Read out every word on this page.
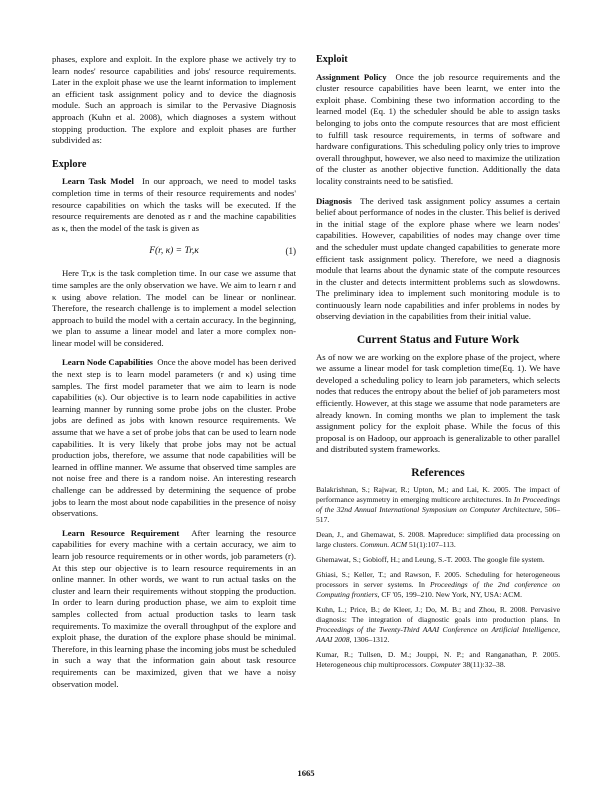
phases, explore and exploit. In the explore phase we actively try to learn nodes' resource capabilities and jobs' resource requirements. Later in the exploit phase we use the learnt information to implement an efficient task assignment policy and to device the diagnosis module. Such an approach is similar to the Pervasive Diagnosis approach (Kuhn et al. 2008), which diagnoses a system without stopping production. The explore and exploit phases are further subdivided as:

Explore

Learn Task Model In our approach, we need to model tasks completion time in terms of their resource requirements and nodes' resource capabilities on which the tasks will be executed. If the resource requirements are denoted as r and the machine capabilities as κ, then the model of the task is given as

F(r, κ) = Tr,κ	(1)

Here Tr,κ is the task completion time. In our case we assume that time samples are the only observation we have. We aim to learn r and κ using above relation. The model can be linear or nonlinear. Therefore, the research challenge is to implement a model selection approach to build the model with a certain accuracy. In the beginning, we plan to assume a linear model and later a more complex non-linear model will be considered.

Learn Node Capabilities Once the above model has been derived the next step is to learn model parameters (r and κ) using time samples. The first model parameter that we aim to learn is node capabilities (κ). Our objective is to learn node capabilities in active learning manner by running some probe jobs on the cluster. Probe jobs are defined as jobs with known resource requirements. We assume that we have a set of probe jobs that can be used to learn node capabilities. It is very likely that probe jobs may not be actual production jobs, therefore, we assume that node capabilities will be learned in offline manner. We assume that observed time samples are not noise free and there is a random noise. An interesting research challenge can be addressed by determining the sequence of probe jobs to learn the most about node capabilities in the presence of noisy observations.

Learn Resource Requirement After learning the resource capabilities for every machine with a certain accuracy, we aim to learn job resource requirements or in other words, job parameters (r). At this step our objective is to learn resource requirements in an online manner. In other words, we want to run actual tasks on the cluster and learn their requirements without stopping the production. In order to learn during production phase, we aim to exploit time samples collected from actual production tasks to learn task requirements. To maximize the overall throughput of the explore and exploit phase, the duration of the explore phase should be minimal. Therefore, in this learning phase the incoming jobs must be scheduled in such a way that the information gain about task resource requirements can be maximized, given that we have a noisy observation model.

Exploit

Assignment Policy Once the job resource requirements and the cluster resource capabilities have been learnt, we enter into the exploit phase. Combining these two information according to the learned model (Eq. 1) the scheduler should be able to assign tasks belonging to jobs onto the compute resources that are most efficient to fulfill task resource requirements, in terms of software and hardware configurations. This scheduling policy only tries to improve overall throughput, however, we also need to maximize the utilization of the cluster as another objective function. Additionally the data locality constraints need to be satisfied.

Diagnosis The derived task assignment policy assumes a certain belief about performance of nodes in the cluster. This belief is derived in the initial stage of the explore phase where we learn nodes' capabilities. However, capabilities of nodes may change over time and the scheduler must update changed capabilities to generate more efficient task assignment policy. Therefore, we need a diagnosis module that learns about the dynamic state of the compute resources in the cluster and detects intermittent problems such as slowdowns. The preliminary idea to implement such monitoring module is to continuously learn node capabilities and infer problems in nodes by observing deviation in the capabilities from their initial value.

Current Status and Future Work

As of now we are working on the explore phase of the project, where we assume a linear model for task completion time(Eq. 1). We have developed a scheduling policy to learn job parameters, which selects nodes that reduces the entropy about the belief of job parameters most efficiently. However, at this stage we assume that node parameters are already known. In coming months we plan to implement the task assignment policy for the exploit phase. While the focus of this proposal is on Hadoop, our approach is generalizable to other parallel and distributed system frameworks.

References
Balakrishnan, S.; Rajwar, R.; Upton, M.; and Lai, K. 2005. The impact of performance asymmetry in emerging multicore architectures. In In Proceedings of the 32nd Annual International Symposium on Computer Architecture, 506–517.
Dean, J., and Ghemawat, S. 2008. Mapreduce: simplified data processing on large clusters. Commun. ACM 51(1):107–113.
Ghemawat, S.; Gobioff, H.; and Leung, S.-T. 2003. The google file system.
Ghiasi, S.; Keller, T.; and Rawson, F. 2005. Scheduling for heterogeneous processors in server systems. In Proceedings of the 2nd conference on Computing frontiers, CF '05, 199–210. New York, NY, USA: ACM.
Kuhn, L.; Price, B.; de Kleer, J.; Do, M. B.; and Zhou, R. 2008. Pervasive diagnosis: The integration of diagnostic goals into production plans. In Proceedings of the Twenty-Third AAAI Conference on Artificial Intelligence, AAAI 2008, 1306–1312.
Kumar, R.; Tullsen, D. M.; Jouppi, N. P.; and Ranganathan, P. 2005. Heterogeneous chip multiprocessors. Computer 38(11):32–38.
1665
